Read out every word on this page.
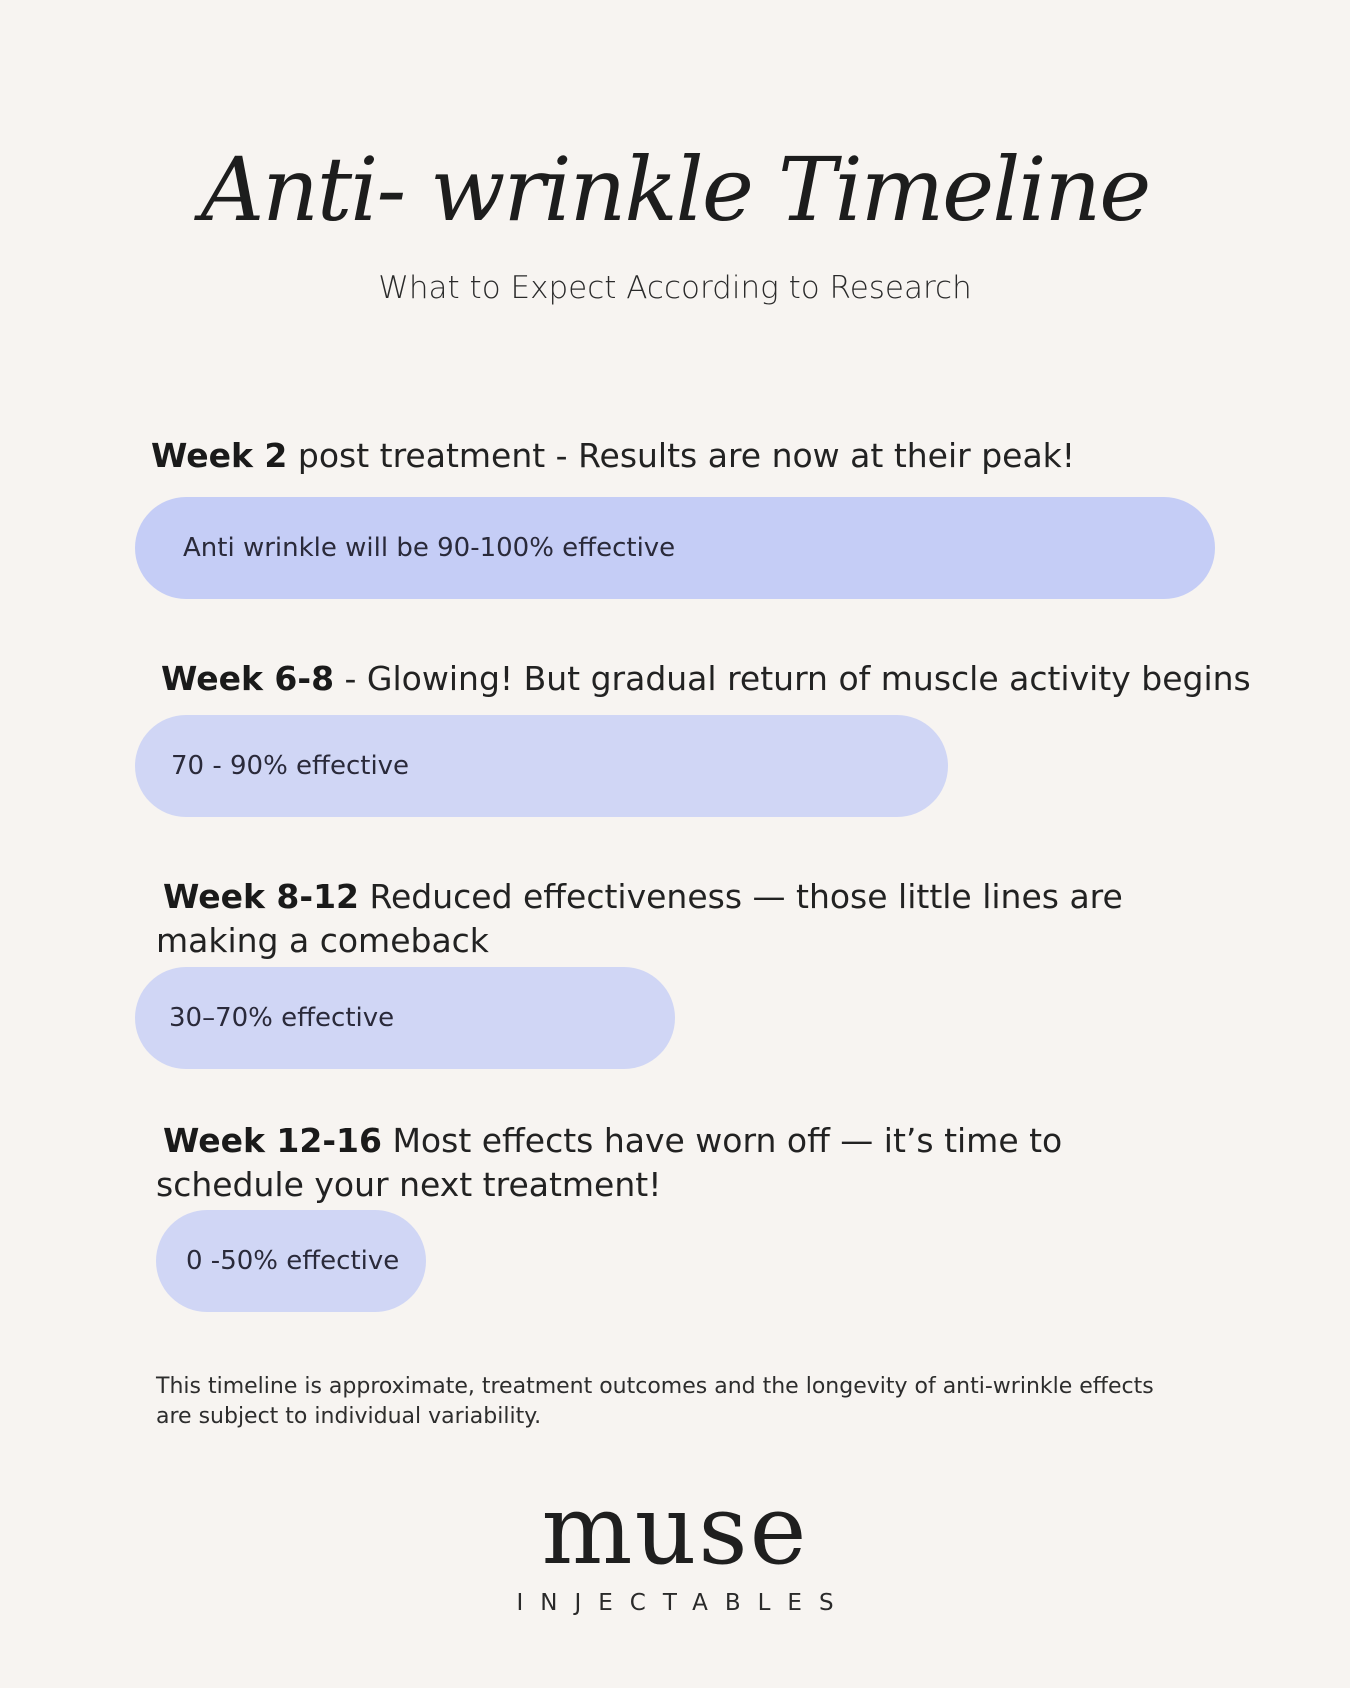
Anti- wrinkle Timeline
What to Expect According to Research
Week 2 post treatment - Results are now at their peak!
Anti wrinkle will be 90-100% effective
Week 6-8 - Glowing! But gradual return of muscle activity begins
70 - 90% effective
Week 8-12 Reduced effectiveness — those little lines are making a comeback
30–70% effective
Week 12-16 Most effects have worn off — it’s time to schedule your next treatment!
0 -50% effective
This timeline is approximate, treatment outcomes and the longevity of anti-wrinkle effects are subject to individual variability.
muse
INJECTABLES
